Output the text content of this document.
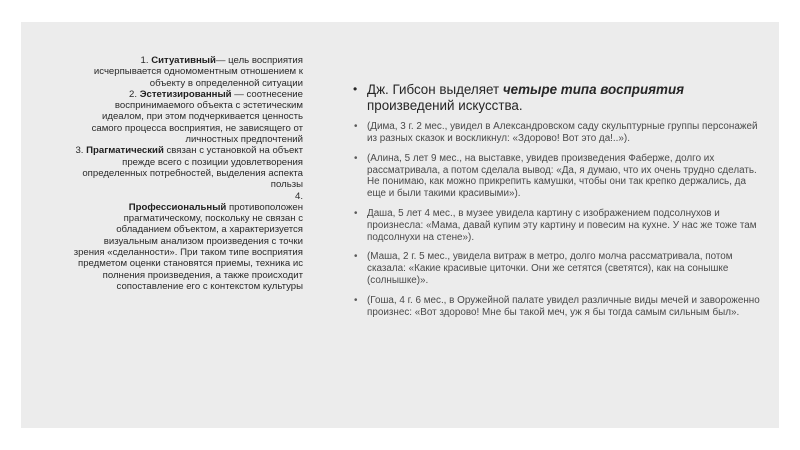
1. Ситуативный— цель восприятия исчерпывается одномоментным отношением к объекту в определенной ситуации
2. Эстетизированный — соотнесение воспринимаемого объекта с эстетическим идеалом, при этом подчеркивается ценность самого процесса восприятия, не зависящего от личностных предпочтений
3. Прагматический связан с установкой на объект прежде всего с позиции удовлетворения определенных потребностей, выделения аспекта пользы
4.
Профессиональный противоположен прагматическому, поскольку не связан с обладанием объектом, а характеризуется визуальным анализом произведения с точки зрения «сделанности». При таком типе восприятия предметом оценки становятся приемы, техника ис полнения произведения, а также происходит сопоставление его с контекстом культуры
• Дж. Гибсон выделяет четыре типа восприятия произведений искусства.
• (Дима, 3 г. 2 мес., увидел в Александровском саду скульптурные группы персонажей из разных сказок и воскликнул: «Здорово! Вот это да!..»).
• (Алина, 5 лет 9 мес., на выставке, увидев произведения Фаберже, долго их рассматривала, а потом сделала вывод: «Да, я думаю, что их очень трудно сделать. Не понимаю, как можно прикрепить камушки, чтобы они так крепко держались, да еще и были такими красивыми»).
• Даша, 5 лет 4 мес., в музее увидела картину с изображением подсолнухов и произнесла: «Мама, давай купим эту картину и повесим на кухне. У нас же тоже там подсолнухи на стене»).
• (Маша, 2 г. 5 мес., увидела витраж в метро, долго молча рассматривала, потом сказала: «Какие красивые циточки. Они же сетятся (светятся), как на сонышке (солнышке)».
• (Гоша, 4 г. 6 мес., в Оружейной палате увидел различные виды мечей и завороженно произнес: «Вот здорово! Мне бы такой меч, уж я бы тогда самым сильным был».
